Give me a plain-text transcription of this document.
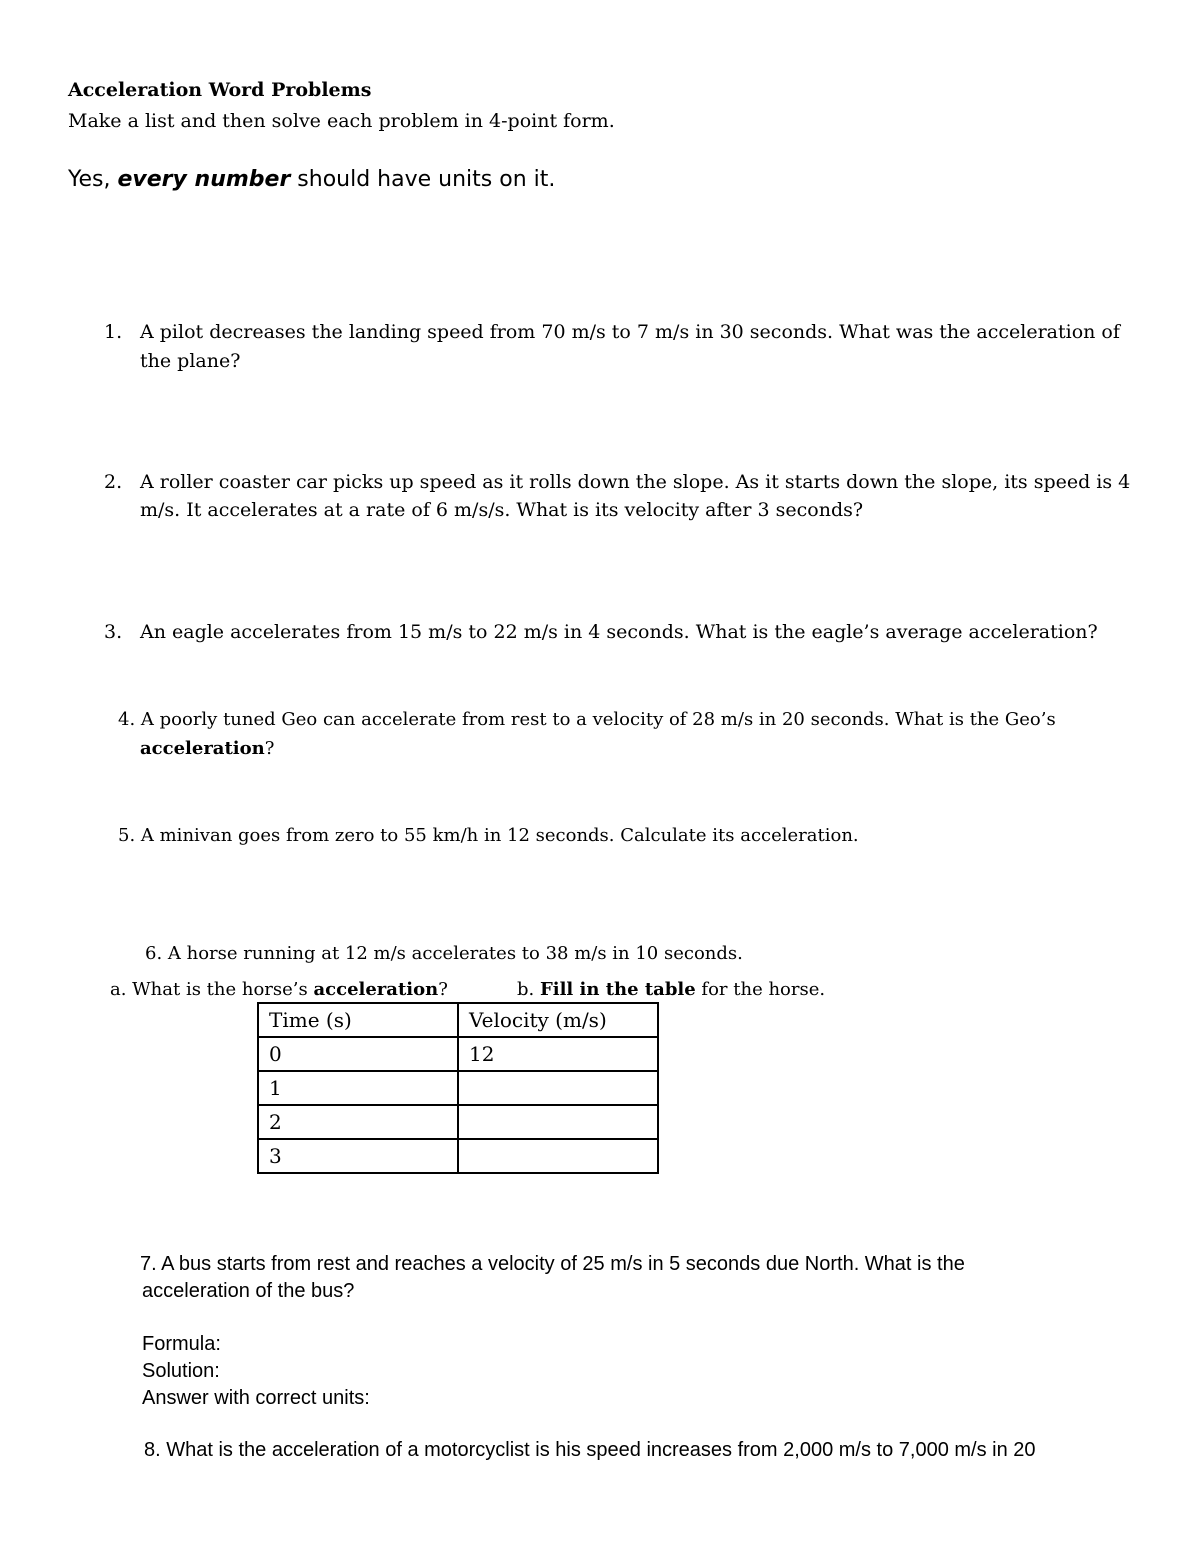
Acceleration Word Problems
Make a list and then solve each problem in 4-point form.
Yes, every number should have units on it.
1. A pilot decreases the landing speed from 70 m/s to 7 m/s in 30 seconds. What was the acceleration of
the plane?
2. A roller coaster car picks up speed as it rolls down the slope. As it starts down the slope, its speed is 4
m/s. It accelerates at a rate of 6 m/s/s. What is its velocity after 3 seconds?
3. An eagle accelerates from 15 m/s to 22 m/s in 4 seconds. What is the eagle’s average acceleration?
4. A poorly tuned Geo can accelerate from rest to a velocity of 28 m/s in 20 seconds. What is the Geo’s
acceleration?
5. A minivan goes from zero to 55 km/h in 12 seconds. Calculate its acceleration.
6. A horse running at 12 m/s accelerates to 38 m/s in 10 seconds.
a. What is the horse’s acceleration?	b. Fill in the table for the horse.
Time (s)	Velocity (m/s)
0	12
1	
2	
3	
7. A bus starts from rest and reaches a velocity of 25 m/s in 5 seconds due North. What is the
acceleration of the bus?
Formula:
Solution:
Answer with correct units:
8. What is the acceleration of a motorcyclist is his speed increases from 2,000 m/s to 7,000 m/s in 20
